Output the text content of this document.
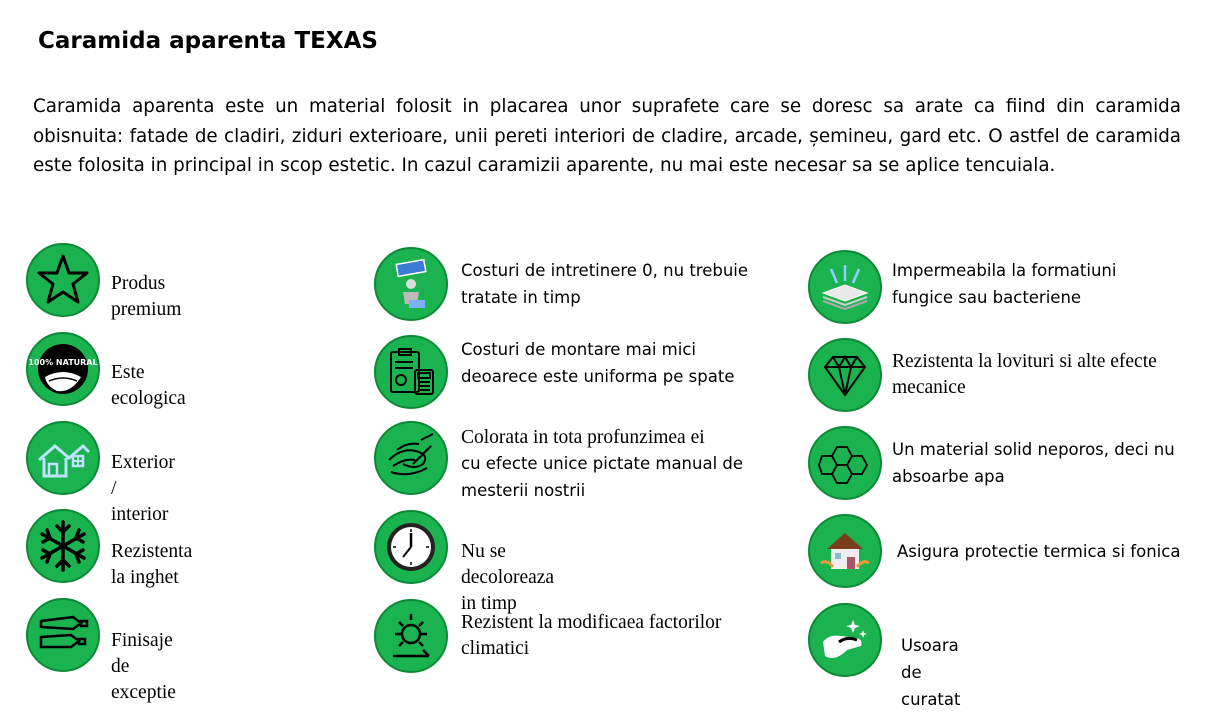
Caramida aparenta TEXAS
Caramida aparenta este un material folosit in placarea unor suprafete care se doresc sa arate ca fiind din caramida obisnuita: fatade de cladiri, ziduri exterioare, unii pereti interiori de cladire, arcade, șemineu, gard etc. O astfel de caramida este folosita in principal in scop estetic. In cazul caramizii aparente, nu mai este necesar sa se aplice tencuiala.
Produs premium
100% NATURAL Este ecologica
Exterior / interior
Rezistenta la inghet
Finisaje de exceptie
Costuri de intretinere 0, nu trebuie tratate in timp
Costuri de montare mai mici deoarece este uniforma pe spate
Colorata in tota profunzimea ei
cu efecte unice pictate manual de mesterii nostrii
Nu se decoloreaza in timp
Rezistent la modificaea factorilor climatici
Impermeabila la formatiuni fungice sau bacteriene
Rezistenta la lovituri si alte efecte mecanice
Un material solid neporos, deci nu absoarbe apa
Asigura protectie termica si fonica
Usoara de curatat
